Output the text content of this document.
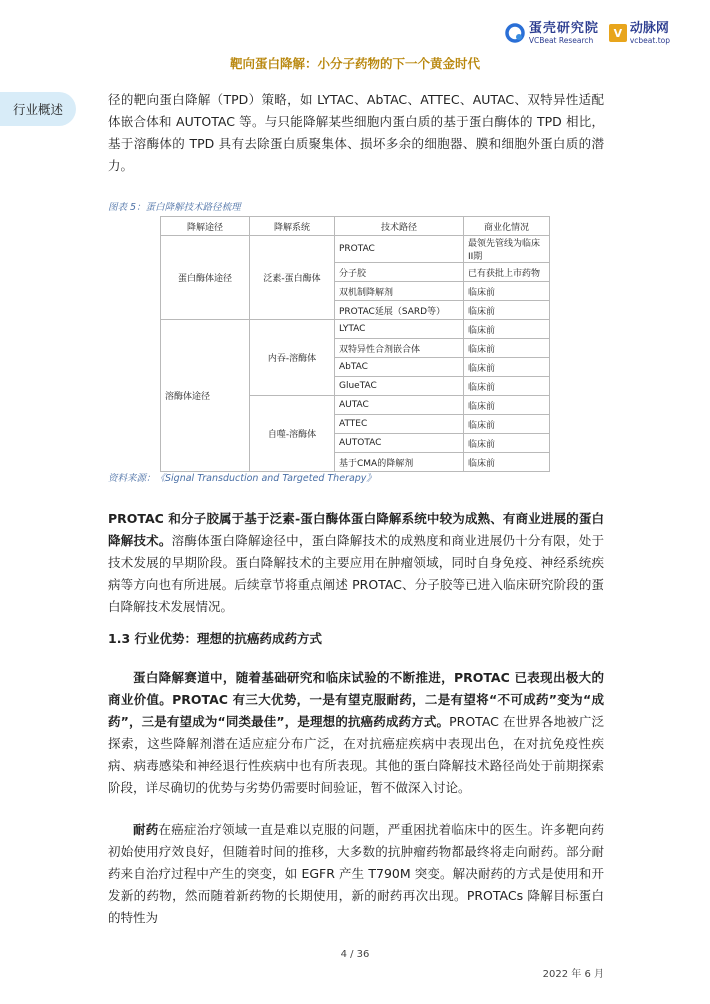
蛋壳研究院
VCBeat Research
V 动脉网
vcbeat.top
靶向蛋白降解：小分子药物的下一个黄金时代
行业概述

径的靶向蛋白降解（TPD）策略，如 LYTAC、AbTAC、ATTEC、AUTAC、双特异性适配体嵌合体和 AUTOTAC 等。与只能降解某些细胞内蛋白质的基于蛋白酶体的 TPD 相比，基于溶酶体的 TPD 具有去除蛋白质聚集体、损坏多余的细胞器、膜和细胞外蛋白质的潜力。

图表 5：蛋白降解技术路径梳理
降解途径	降解系统	技术路径	商业化情况
蛋白酶体途径	泛素-蛋白酶体	PROTAC	最领先管线为临床II期
		分子胶	已有获批上市药物
		双机制降解剂	临床前
		PROTAC延展（SARD等）	临床前
溶酶体途径	内吞-溶酶体	LYTAC	临床前
		双特异性合剂嵌合体	临床前
		AbTAC	临床前
		GlueTAC	临床前
	自噬-溶酶体	AUTAC	临床前
		ATTEC	临床前
		AUTOTAC	临床前
		基于CMA的降解剂	临床前
资料来源：《Signal Transduction and Targeted Therapy》

PROTAC 和分子胶属于基于泛素-蛋白酶体蛋白降解系统中较为成熟、有商业进展的蛋白降解技术。溶酶体蛋白降解途径中，蛋白降解技术的成熟度和商业进展仍十分有限，处于技术发展的早期阶段。蛋白降解技术的主要应用在肿瘤领域，同时自身免疫、神经系统疾病等方向也有所进展。后续章节将重点阐述 PROTAC、分子胶等已进入临床研究阶段的蛋白降解技术发展情况。

1.3 行业优势：理想的抗癌药成药方式

蛋白降解赛道中，随着基础研究和临床试验的不断推进，PROTAC 已表现出极大的商业价值。PROTAC 有三大优势，一是有望克服耐药，二是有望将“不可成药”变为“成药”，三是有望成为“同类最佳”，是理想的抗癌药成药方式。PROTAC 在世界各地被广泛探索，这些降解剂潜在适应症分布广泛，在对抗癌症疾病中表现出色，在对抗免疫性疾病、病毒感染和神经退行性疾病中也有所表现。其他的蛋白降解技术路径尚处于前期探索阶段，详尽确切的优势与劣势仍需要时间验证，暂不做深入讨论。

耐药在癌症治疗领域一直是难以克服的问题，严重困扰着临床中的医生。许多靶向药初始使用疗效良好，但随着时间的推移，大多数的抗肿瘤药物都最终将走向耐药。部分耐药来自治疗过程中产生的突变，如 EGFR 产生 T790M 突变。解决耐药的方式是使用和开发新的药物，然而随着新药物的长期使用，新的耐药再次出现。PROTACs 降解目标蛋白的特性为

4 / 36
2022 年 6 月
